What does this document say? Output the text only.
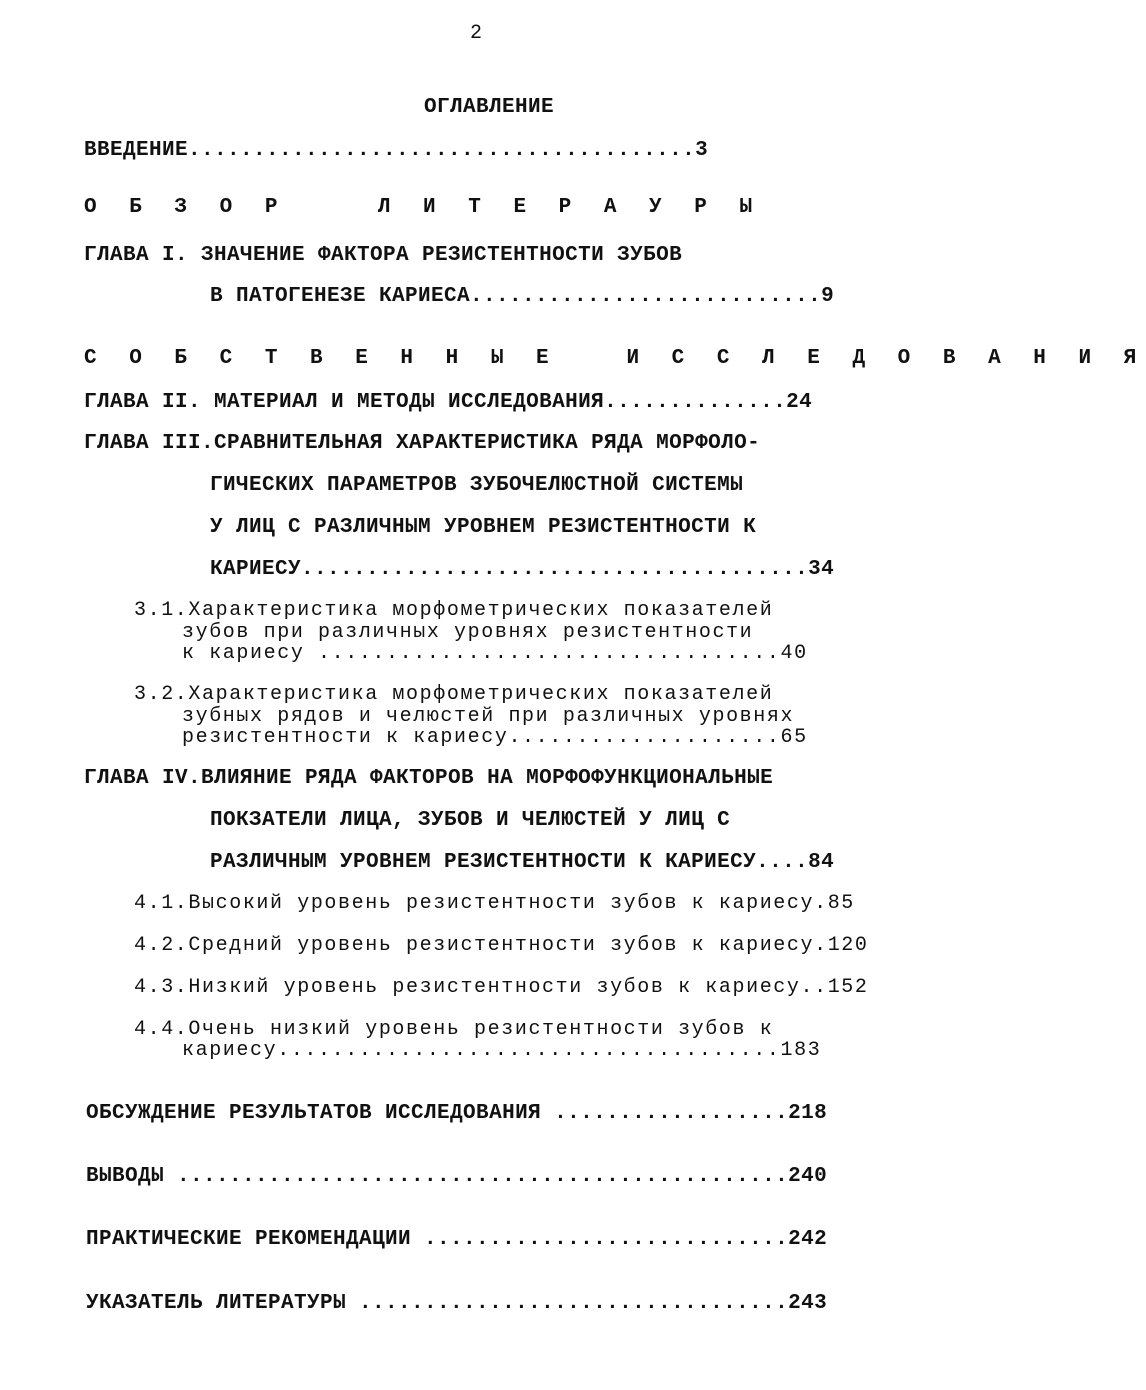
2
ОГЛАВЛЕНИЕ
ВВЕДЕНИЕ.......................................3
О Б З О Р    Л И Т Е Р А У Р Ы
ГЛАВА I. ЗНАЧЕНИЕ ФАКТОРА РЕЗИСТЕНТНОСТИ ЗУБОВ
В ПАТОГЕНЕЗЕ КАРИЕСА...........................9
С О Б С Т В Е Н Н Ы Е   И С С Л Е Д О В А Н И Я
ГЛАВА II. МАТЕРИАЛ И МЕТОДЫ ИССЛЕДОВАНИЯ..............24
ГЛАВА III.СРАВНИТЕЛЬНАЯ ХАРАКТЕРИСТИКА РЯДА МОРФОЛО-
ГИЧЕСКИХ ПАРАМЕТРОВ ЗУБОЧЕЛЮСТНОЙ СИСТЕМЫ
У ЛИЦ С РАЗЛИЧНЫМ УРОВНЕМ РЕЗИСТЕНТНОСТИ К
КАРИЕСУ.......................................34
3.1.Характеристика морфометрических показателей
зубов при различных уровнях резистентности
к кариесу ..................................40
3.2.Характеристика морфометрических показателей
зубных рядов и челюстей при различных уровнях
резистентности к кариесу....................65
ГЛАВА IV.ВЛИЯНИЕ РЯДА ФАКТОРОВ НА МОРФОФУНКЦИОНАЛЬНЫЕ
ПОКЗАТЕЛИ ЛИЦА, ЗУБОВ И ЧЕЛЮСТЕЙ У ЛИЦ С
РАЗЛИЧНЫМ УРОВНЕМ РЕЗИСТЕНТНОСТИ К КАРИЕСУ....84
4.1.Высокий уровень резистентности зубов к кариесу.85
4.2.Средний уровень резистентности зубов к кариесу.120
4.3.Низкий уровень резистентности зубов к кариесу..152
4.4.Очень низкий уровень резистентности зубов к
кариесу.....................................183
ОБСУЖДЕНИЕ РЕЗУЛЬТАТОВ ИССЛЕДОВАНИЯ ..................218
ВЫВОДЫ ...............................................240
ПРАКТИЧЕСКИЕ РЕКОМЕНДАЦИИ ............................242
УКАЗАТЕЛЬ ЛИТЕРАТУРЫ .................................243
